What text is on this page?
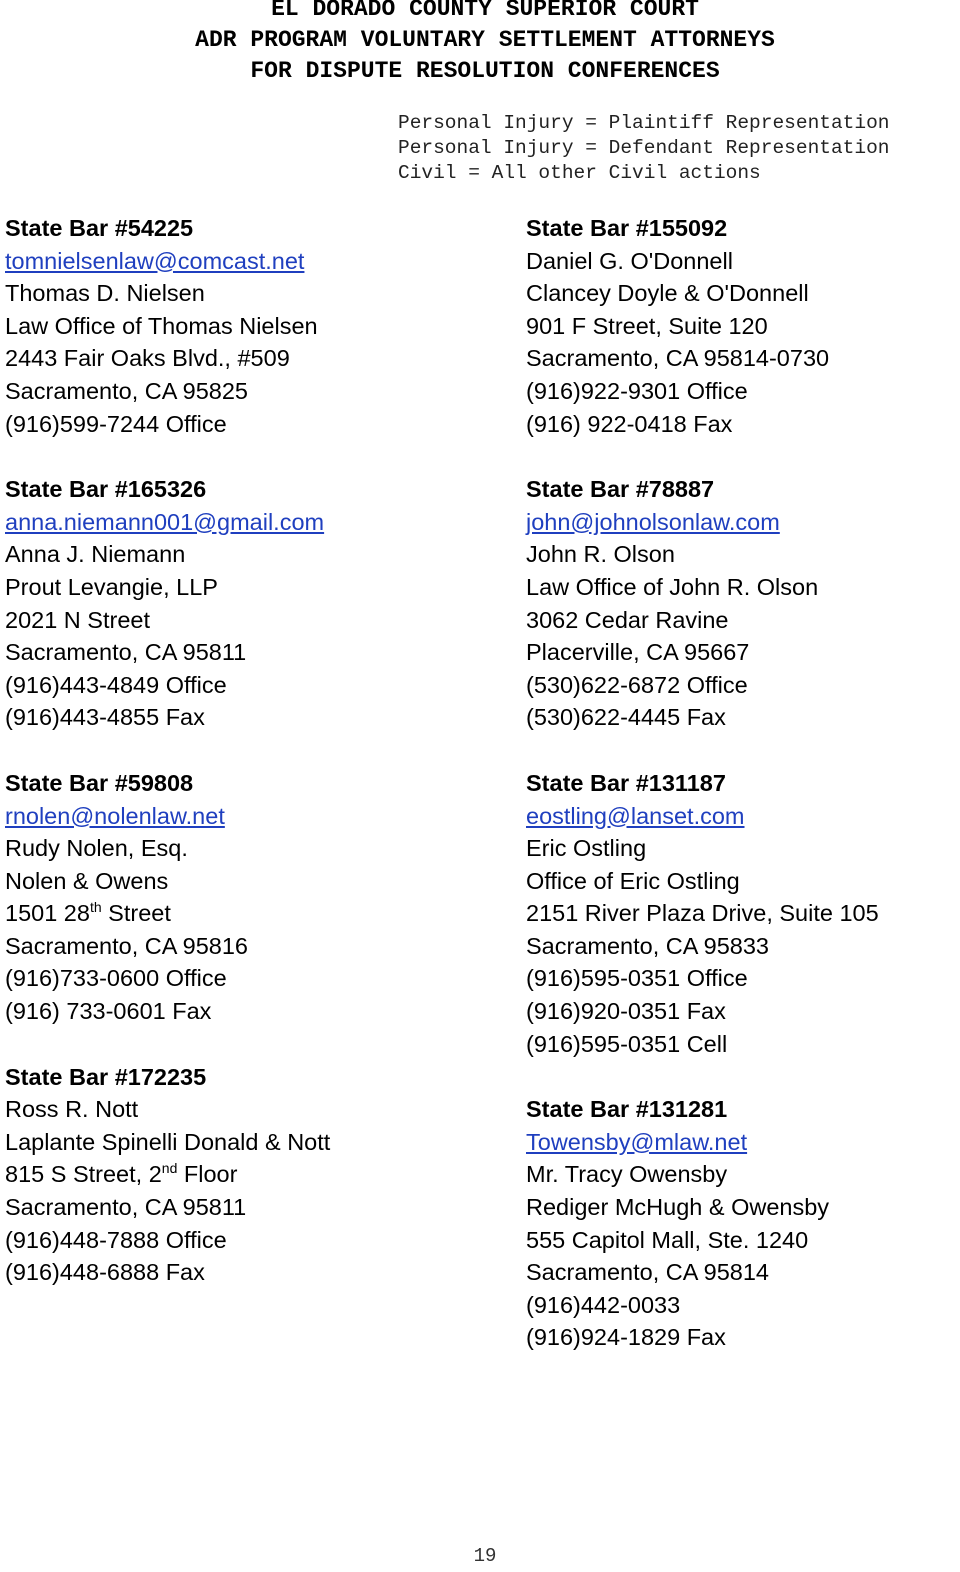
EL DORADO COUNTY SUPERIOR COURT
ADR PROGRAM VOLUNTARY SETTLEMENT ATTORNEYS
FOR DISPUTE RESOLUTION CONFERENCES
Personal Injury = Plaintiff Representation
Personal Injury = Defendant Representation
Civil = All other Civil actions
State Bar #54225
tomnielsenlaw@comcast.net
Thomas D. Nielsen
Law Office of Thomas Nielsen
2443 Fair Oaks Blvd., #509
Sacramento, CA 95825
(916)599-7244 Office
State Bar #165326
anna.niemann001@gmail.com
Anna J. Niemann
Prout Levangie, LLP
2021 N Street
Sacramento, CA 95811
(916)443-4849 Office
(916)443-4855 Fax
State Bar #59808
rnolen@nolenlaw.net
Rudy Nolen, Esq.
Nolen & Owens
1501 28th Street
Sacramento, CA 95816
(916)733-0600 Office
(916) 733-0601 Fax
State Bar #172235
Ross R. Nott
Laplante Spinelli Donald & Nott
815 S Street, 2nd Floor
Sacramento, CA 95811
(916)448-7888 Office
(916)448-6888 Fax
State Bar #155092
Daniel G. O'Donnell
Clancey Doyle & O'Donnell
901 F Street, Suite 120
Sacramento, CA 95814-0730
(916)922-9301 Office
(916) 922-0418 Fax
State Bar #78887
john@johnolsonlaw.com
John R. Olson
Law Office of John R. Olson
3062 Cedar Ravine
Placerville, CA 95667
(530)622-6872 Office
(530)622-4445 Fax
State Bar #131187
eostling@lanset.com
Eric Ostling
Office of Eric Ostling
2151 River Plaza Drive, Suite 105
Sacramento, CA 95833
(916)595-0351 Office
(916)920-0351 Fax
(916)595-0351 Cell
State Bar #131281
Towensby@mlaw.net
Mr. Tracy Owensby
Rediger McHugh & Owensby
555 Capitol Mall, Ste. 1240
Sacramento, CA 95814
(916)442-0033
(916)924-1829 Fax
19
